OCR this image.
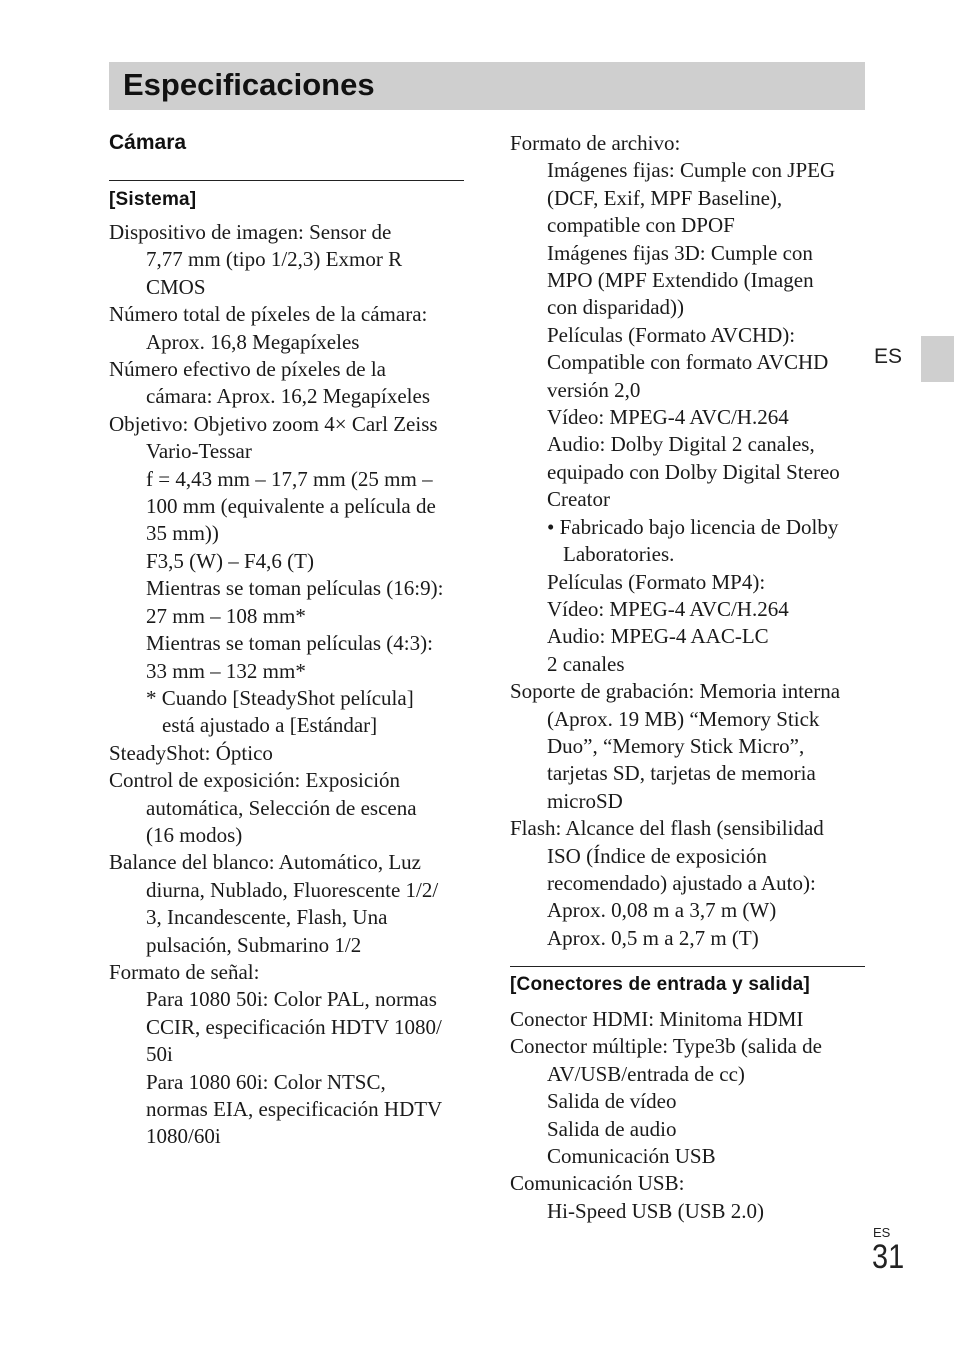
Especificaciones
Cámara
[Sistema]
Dispositivo de imagen: Sensor de
7,77 mm (tipo 1/2,3) Exmor R
CMOS
Número total de píxeles de la cámara:
Aprox. 16,8 Megapíxeles
Número efectivo de píxeles de la
cámara: Aprox. 16,2 Megapíxeles
Objetivo: Objetivo zoom 4× Carl Zeiss
Vario-Tessar
f = 4,43 mm – 17,7 mm (25 mm –
100 mm (equivalente a película de
35 mm))
F3,5 (W) – F4,6 (T)
Mientras se toman películas (16:9):
27 mm – 108 mm*
Mientras se toman películas (4:3):
33 mm – 132 mm*
* Cuando [SteadyShot película]
está ajustado a [Estándar]
SteadyShot: Óptico
Control de exposición: Exposición
automática, Selección de escena
(16 modos)
Balance del blanco: Automático, Luz
diurna, Nublado, Fluorescente 1/2/
3, Incandescente, Flash, Una
pulsación, Submarino 1/2
Formato de señal:
Para 1080 50i: Color PAL, normas
CCIR, especificación HDTV 1080/
50i
Para 1080 60i: Color NTSC,
normas EIA, especificación HDTV
1080/60i
Formato de archivo:
Imágenes fijas: Cumple con JPEG
(DCF, Exif, MPF Baseline),
compatible con DPOF
Imágenes fijas 3D: Cumple con
MPO (MPF Extendido (Imagen
con disparidad))
Películas (Formato AVCHD):
Compatible con formato AVCHD
versión 2,0
Vídeo: MPEG-4 AVC/H.264
Audio: Dolby Digital 2 canales,
equipado con Dolby Digital Stereo
Creator
• Fabricado bajo licencia de Dolby
Laboratories.
Películas (Formato MP4):
Vídeo: MPEG-4 AVC/H.264
Audio: MPEG-4 AAC-LC
2 canales
Soporte de grabación: Memoria interna
(Aprox. 19 MB) “Memory Stick
Duo”, “Memory Stick Micro”,
tarjetas SD, tarjetas de memoria
microSD
Flash: Alcance del flash (sensibilidad
ISO (Índice de exposición
recomendado) ajustado a Auto):
Aprox. 0,08 m a 3,7 m (W)
Aprox. 0,5 m a 2,7 m (T)
[Conectores de entrada y salida]
Conector HDMI: Minitoma HDMI
Conector múltiple: Type3b (salida de
AV/USB/entrada de cc)
Salida de vídeo
Salida de audio
Comunicación USB
Comunicación USB:
Hi-Speed USB (USB 2.0)
ES
ES
31
